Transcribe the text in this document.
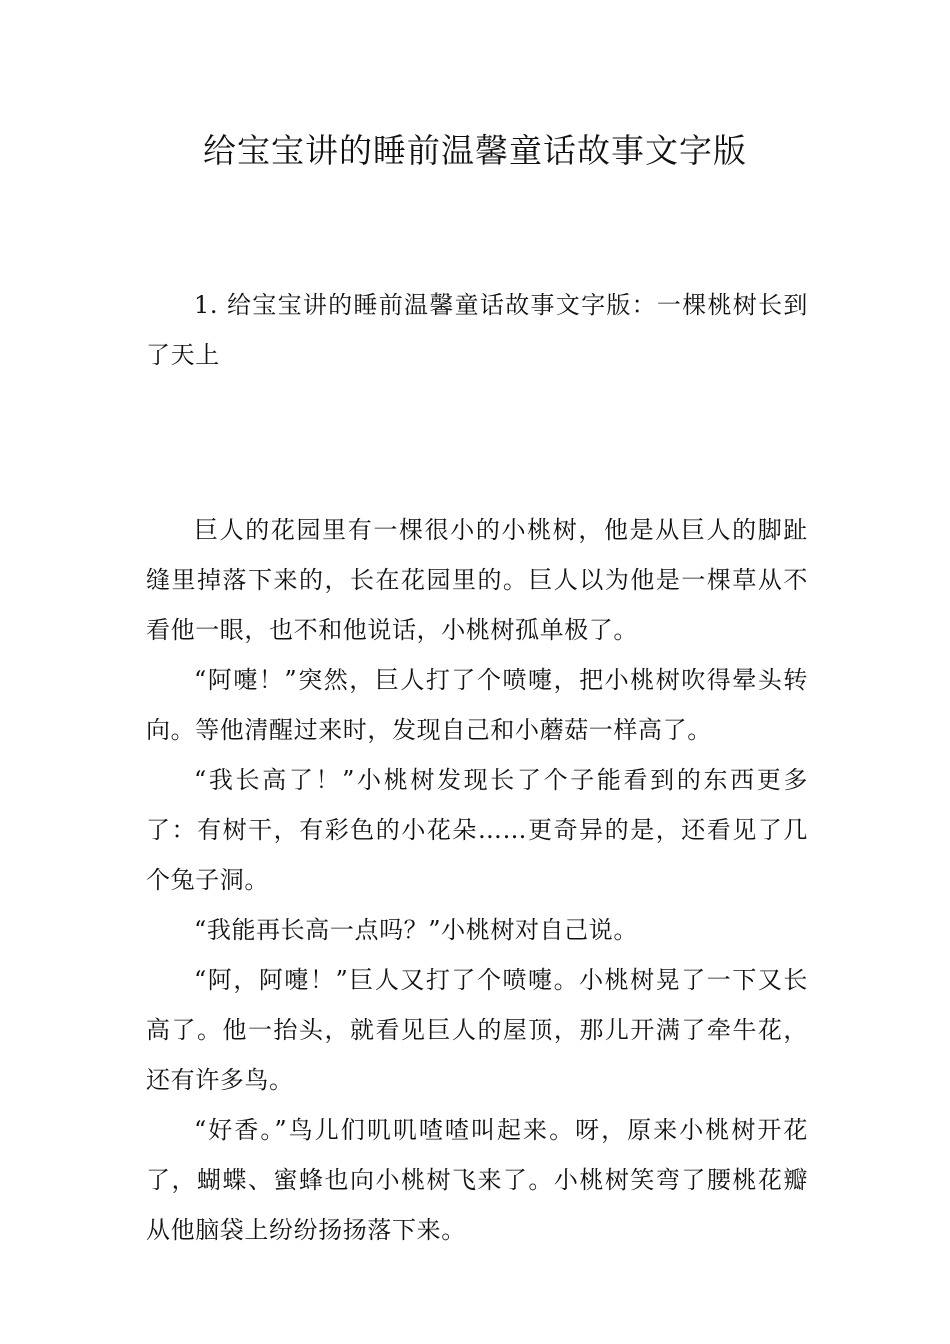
给宝宝讲的睡前温馨童话故事文字版

1. 给宝宝讲的睡前温馨童话故事文字版：一棵桃树长到了天上

巨人的花园里有一棵很小的小桃树，他是从巨人的脚趾缝里掉落下来的，长在花园里的。巨人以为他是一棵草从不看他一眼，也不和他说话，小桃树孤单极了。

“阿嚏！”突然，巨人打了个喷嚏，把小桃树吹得晕头转向。等他清醒过来时，发现自己和小蘑菇一样高了。

“我长高了！”小桃树发现长了个子能看到的东西更多了：有树干，有彩色的小花朵……更奇异的是，还看见了几个兔子洞。

“我能再长高一点吗？”小桃树对自己说。

“阿，阿嚏！”巨人又打了个喷嚏。小桃树晃了一下又长高了。他一抬头，就看见巨人的屋顶，那儿开满了牵牛花，还有许多鸟。

“好香。”鸟儿们叽叽喳喳叫起来。呀，原来小桃树开花了，蝴蝶、蜜蜂也向小桃树飞来了。小桃树笑弯了腰桃花瓣从他脑袋上纷纷扬扬落下来。
